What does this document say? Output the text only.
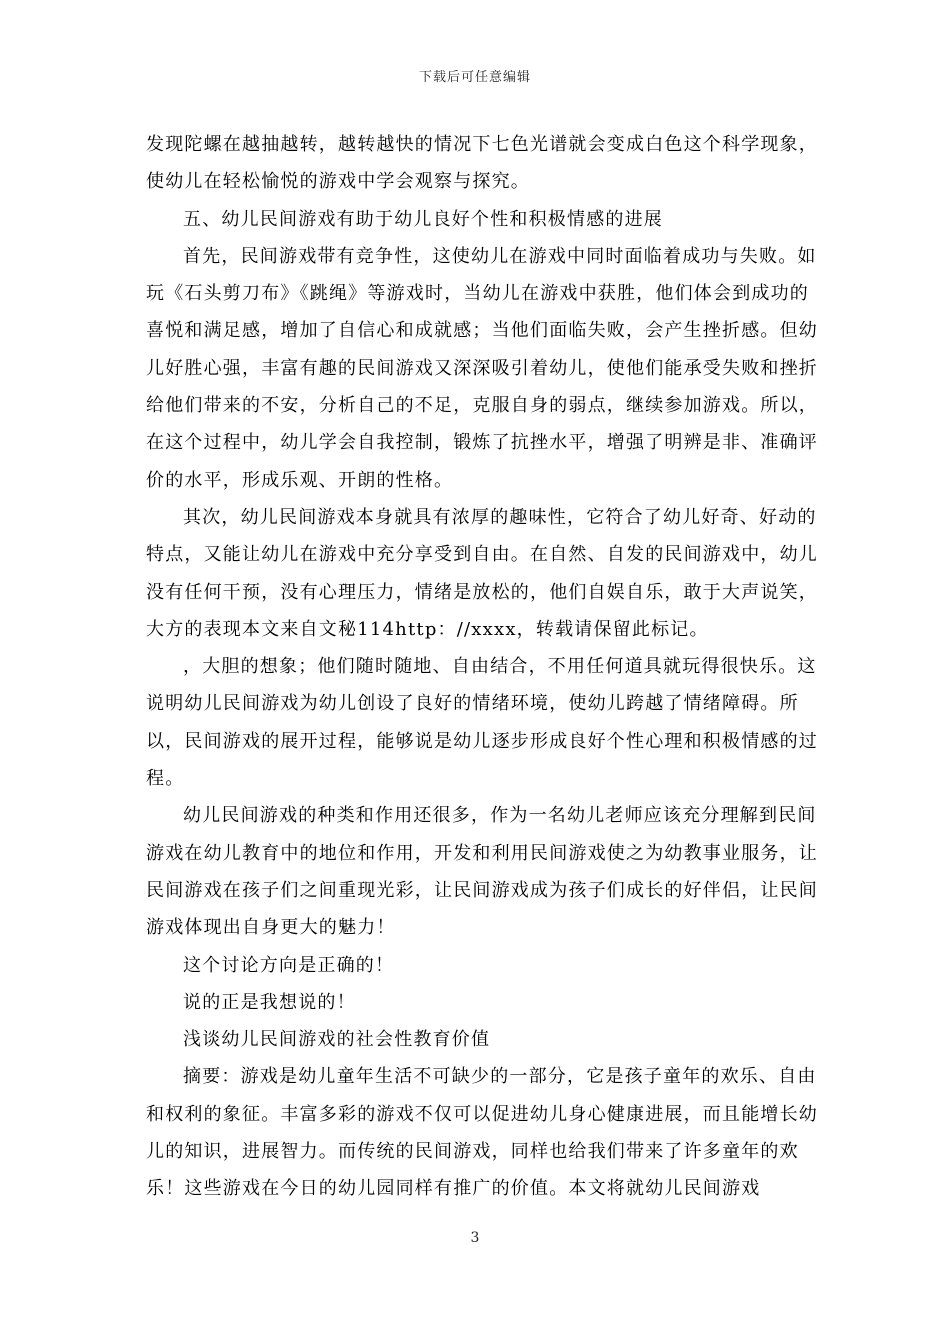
下载后可任意编辑

发现陀螺在越抽越转，越转越快的情况下七色光谱就会变成白色这个科学现象，使幼儿在轻松愉悦的游戏中学会观察与探究。

五、幼儿民间游戏有助于幼儿良好个性和积极情感的进展

首先，民间游戏带有竞争性，这使幼儿在游戏中同时面临着成功与失败。如玩《石头剪刀布》《跳绳》等游戏时，当幼儿在游戏中获胜，他们体会到成功的喜悦和满足感，增加了自信心和成就感；当他们面临失败，会产生挫折感。但幼儿好胜心强，丰富有趣的民间游戏又深深吸引着幼儿，使他们能承受失败和挫折给他们带来的不安，分析自己的不足，克服自身的弱点，继续参加游戏。所以，在这个过程中，幼儿学会自我控制，锻炼了抗挫水平，增强了明辨是非、准确评价的水平，形成乐观、开朗的性格。

其次，幼儿民间游戏本身就具有浓厚的趣味性，它符合了幼儿好奇、好动的特点，又能让幼儿在游戏中充分享受到自由。在自然、自发的民间游戏中，幼儿没有任何干预，没有心理压力，情绪是放松的，他们自娱自乐，敢于大声说笑，大方的表现本文来自文秘114http：//xxxx，转载请保留此标记。

，大胆的想象；他们随时随地、自由结合，不用任何道具就玩得很快乐。这说明幼儿民间游戏为幼儿创设了良好的情绪环境，使幼儿跨越了情绪障碍。所以，民间游戏的展开过程，能够说是幼儿逐步形成良好个性心理和积极情感的过程。

幼儿民间游戏的种类和作用还很多，作为一名幼儿老师应该充分理解到民间游戏在幼儿教育中的地位和作用，开发和利用民间游戏使之为幼教事业服务，让民间游戏在孩子们之间重现光彩，让民间游戏成为孩子们成长的好伴侣，让民间游戏体现出自身更大的魅力！

这个讨论方向是正确的！

说的正是我想说的！

浅谈幼儿民间游戏的社会性教育价值

摘要：游戏是幼儿童年生活不可缺少的一部分，它是孩子童年的欢乐、自由和权利的象征。丰富多彩的游戏不仅可以促进幼儿身心健康进展，而且能增长幼儿的知识，进展智力。而传统的民间游戏，同样也给我们带来了许多童年的欢乐！这些游戏在今日的幼儿园同样有推广的价值。本文将就幼儿民间游戏

3
